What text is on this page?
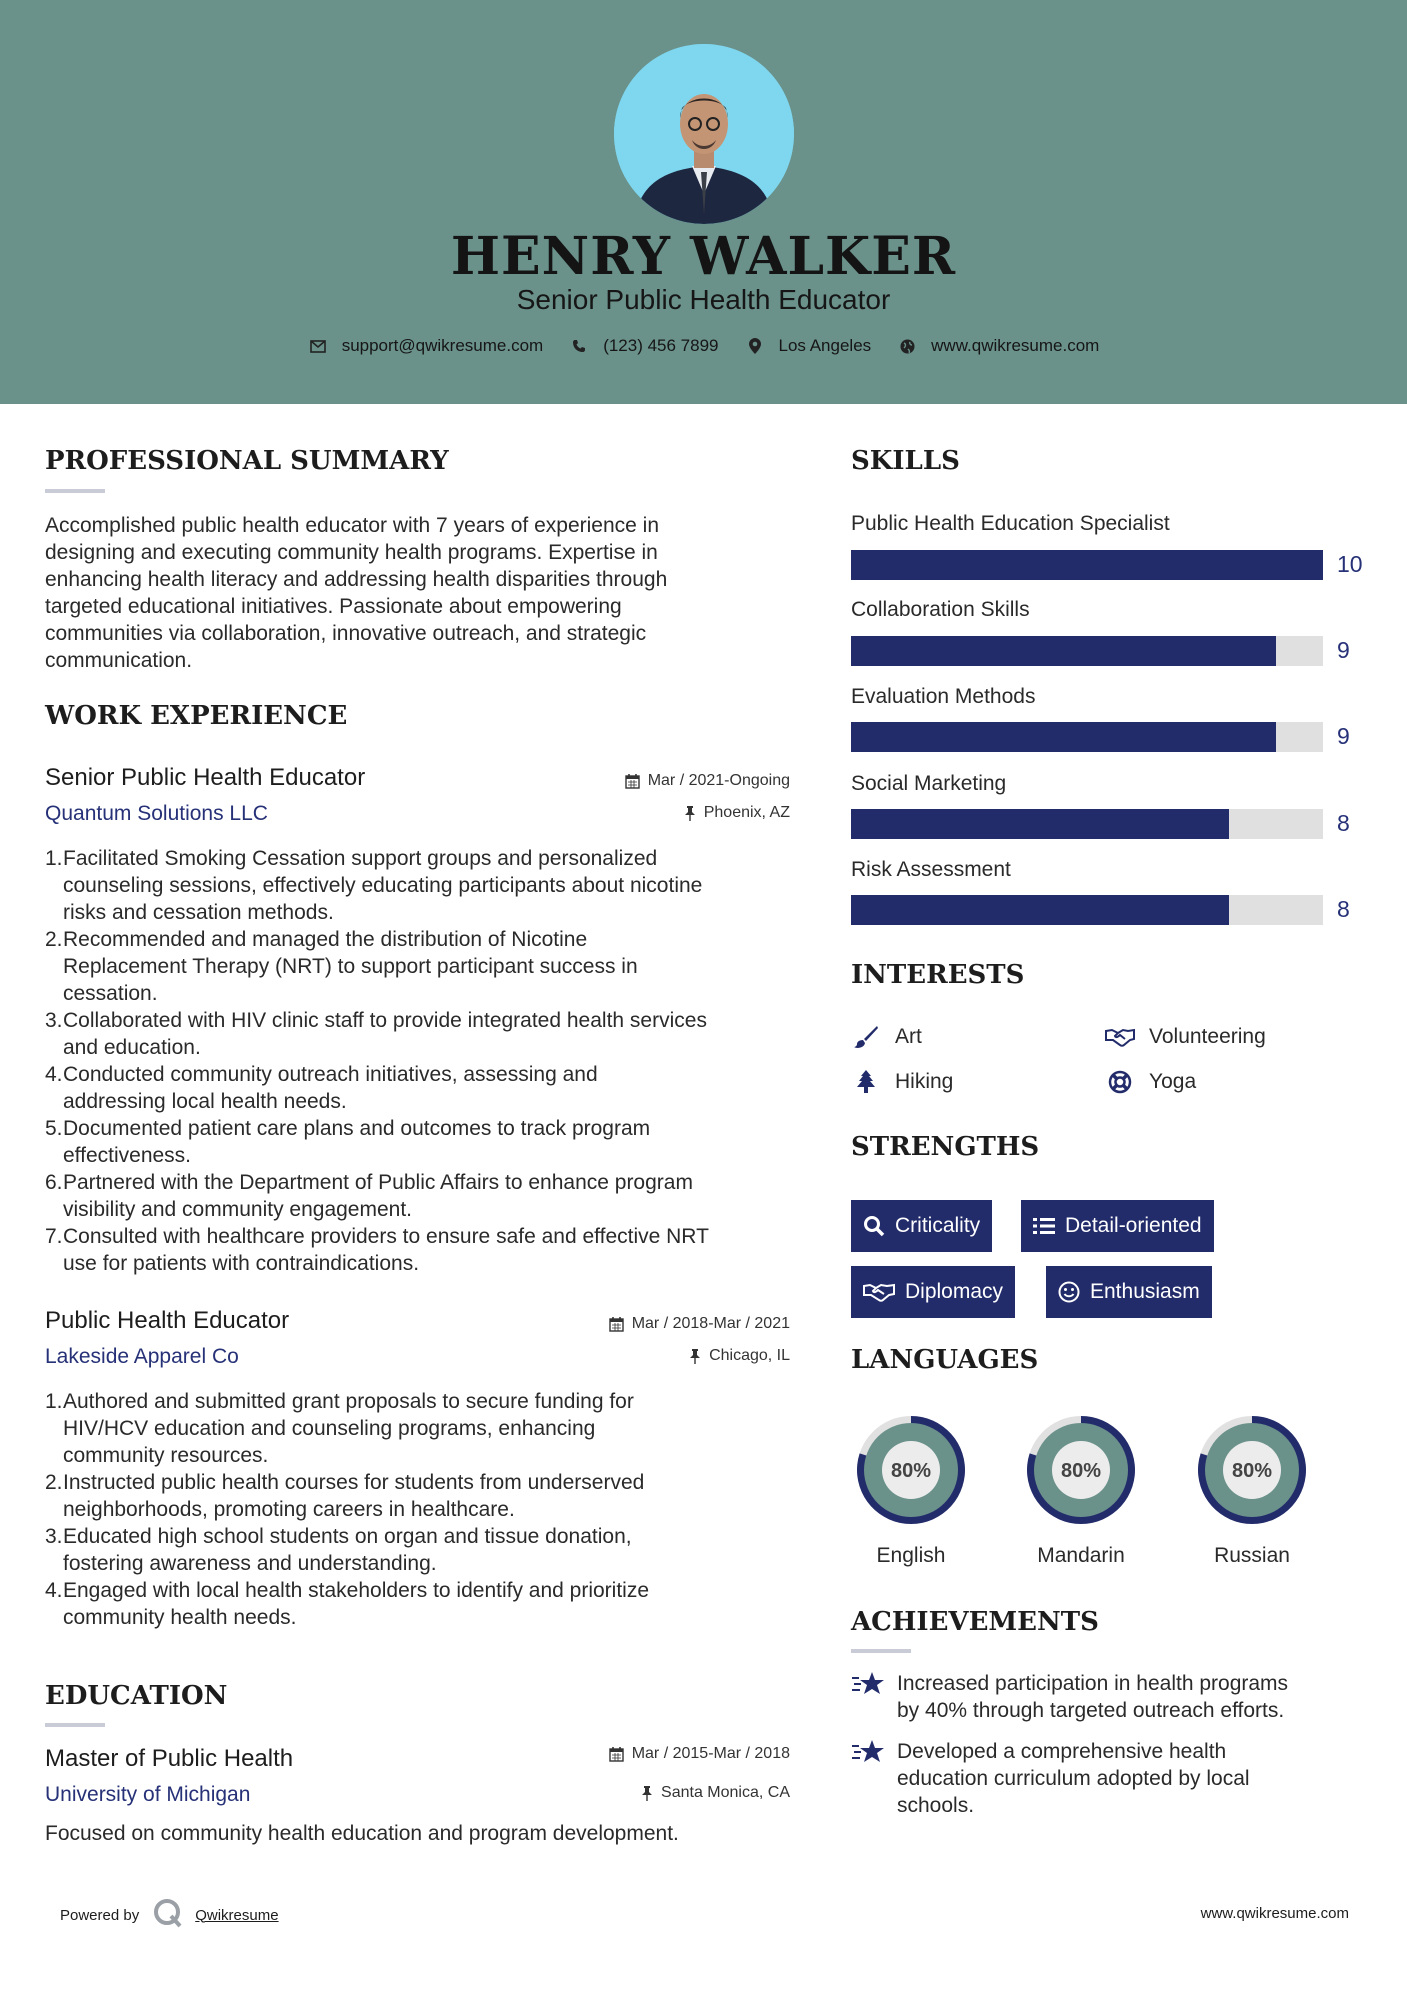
HENRY WALKER
Senior Public Health Educator
support@qwikresume.com	(123) 456 7899	Los Angeles	www.qwikresume.com
PROFESSIONAL SUMMARY
Accomplished public health educator with 7 years of experience in
designing and executing community health programs. Expertise in
enhancing health literacy and addressing health disparities through
targeted educational initiatives. Passionate about empowering
communities via collaboration, innovative outreach, and strategic
communication.
WORK EXPERIENCE
Senior Public Health Educator
Quantum Solutions LLC
Mar / 2021-Ongoing
Phoenix, AZ
1. Facilitated Smoking Cessation support groups and personalized
counseling sessions, effectively educating participants about nicotine
risks and cessation methods.
2. Recommended and managed the distribution of Nicotine
Replacement Therapy (NRT) to support participant success in
cessation.
3. Collaborated with HIV clinic staff to provide integrated health services
and education.
4. Conducted community outreach initiatives, assessing and
addressing local health needs.
5. Documented patient care plans and outcomes to track program
effectiveness.
6. Partnered with the Department of Public Affairs to enhance program
visibility and community engagement.
7. Consulted with healthcare providers to ensure safe and effective NRT
use for patients with contraindications.
Public Health Educator
Lakeside Apparel Co
Mar / 2018-Mar / 2021
Chicago, IL
1. Authored and submitted grant proposals to secure funding for
HIV/HCV education and counseling programs, enhancing
community resources.
2. Instructed public health courses for students from underserved
neighborhoods, promoting careers in healthcare.
3. Educated high school students on organ and tissue donation,
fostering awareness and understanding.
4. Engaged with local health stakeholders to identify and prioritize
community health needs.
EDUCATION
Master of Public Health
University of Michigan
Mar / 2015-Mar / 2018
Santa Monica, CA
Focused on community health education and program development.
SKILLS
Public Health Education Specialist
10
Collaboration Skills
9
Evaluation Methods
9
Social Marketing
8
Risk Assessment
8
INTERESTS
Art	Volunteering
Hiking	Yoga
STRENGTHS
Criticality	Detail-oriented
Diplomacy	Enthusiasm
LANGUAGES
80%
English
80%
Mandarin
80%
Russian
ACHIEVEMENTS
Increased participation in health programs
by 40% through targeted outreach efforts.
Developed a comprehensive health
education curriculum adopted by local
schools.
Powered by	Qwikresume	www.qwikresume.com
